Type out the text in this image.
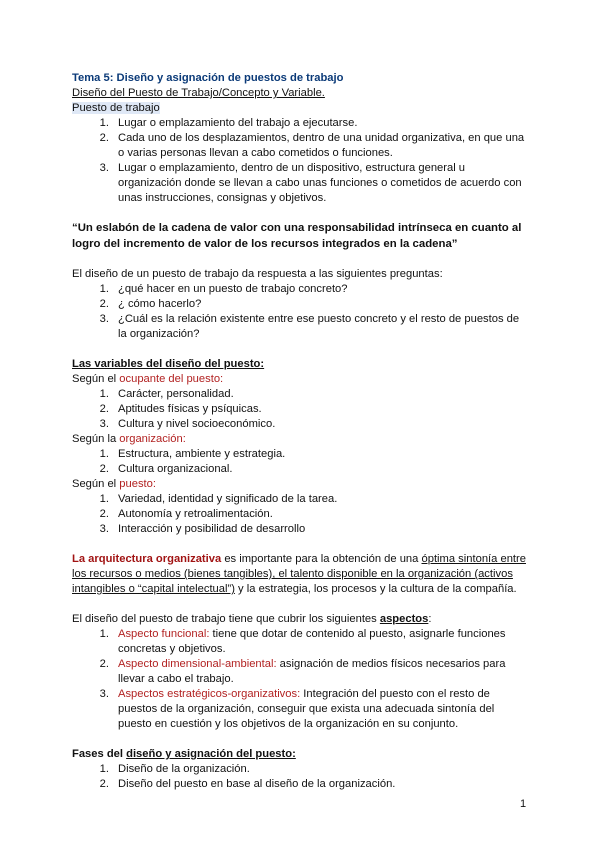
Tema 5: Diseño y asignación de puestos de trabajo

Diseño del Puesto de Trabajo/Concepto y Variable.

Puesto de trabajo

1. Lugar o emplazamiento del trabajo a ejecutarse.
2. Cada uno de los desplazamientos, dentro de una unidad organizativa, en que una o varias personas llevan a cabo cometidos o funciones.
3. Lugar o emplazamiento, dentro de un dispositivo, estructura general u organización donde se llevan a cabo unas funciones o cometidos de acuerdo con unas instrucciones, consignas y objetivos.

“Un eslabón de la cadena de valor con una responsabilidad intrínseca en cuanto al logro del incremento de valor de los recursos integrados en la cadena”

El diseño de un puesto de trabajo da respuesta a las siguientes preguntas:

1. ¿qué hacer en un puesto de trabajo concreto?
2. ¿ cómo hacerlo?
3. ¿Cuál es la relación existente entre ese puesto concreto y el resto de puestos de la organización?

Las variables del diseño del puesto:

Según el ocupante del puesto:

1. Carácter, personalidad.
2. Aptitudes físicas y psíquicas.
3. Cultura y nivel socioeconómico.

Según la organización:

1. Estructura, ambiente y estrategia.
2. Cultura organizacional.

Según el puesto:

1. Variedad, identidad y significado de la tarea.
2. Autonomía y retroalimentación.
3. Interacción y posibilidad de desarrollo

La arquitectura organizativa es importante para la obtención de una óptima sintonía entre los recursos o medios (bienes tangibles), el talento disponible en la organización (activos intangibles o “capital intelectual”) y la estrategia, los procesos y la cultura de la compañía.

El diseño del puesto de trabajo tiene que cubrir los siguientes aspectos:

1. Aspecto funcional: tiene que dotar de contenido al puesto, asignarle funciones concretas y objetivos.
2. Aspecto dimensional-ambiental: asignación de medios físicos necesarios para llevar a cabo el trabajo.
3. Aspectos estratégicos-organizativos: Integración del puesto con el resto de puestos de la organización, conseguir que exista una adecuada sintonía del puesto en cuestión y los objetivos de la organización en su conjunto.

Fases del diseño y asignación del puesto:

1. Diseño de la organización.
2. Diseño del puesto en base al diseño de la organización.
1
